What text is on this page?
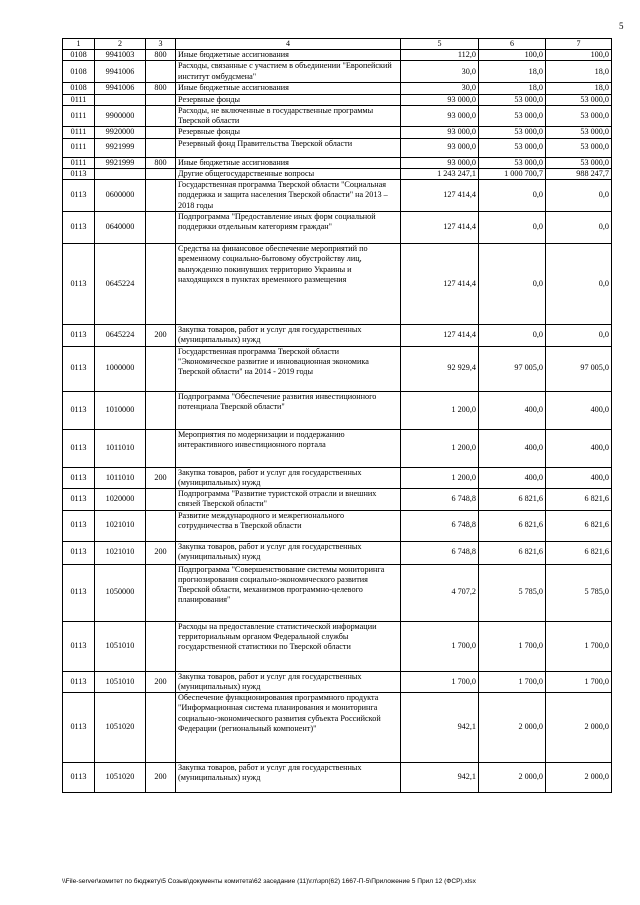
5
1	2	3	4	5	6	7
0108	9941003	800	Иные бюджетные ассигнования	112,0	100,0	100,0
0108	9941006		Расходы, связанные с участием в объединении "Европейский институт омбудсмена"	30,0	18,0	18,0
0108	9941006	800	Иные бюджетные ассигнования	30,0	18,0	18,0
0111			Резервные фонды	93 000,0	53 000,0	53 000,0
0111	9900000		Расходы, не включенные в государственные программы Тверской области	93 000,0	53 000,0	53 000,0
0111	9920000		Резервные фонды	93 000,0	53 000,0	53 000,0
0111	9921999		Резервный фонд Правительства Тверской области	93 000,0	53 000,0	53 000,0
0111	9921999	800	Иные бюджетные ассигнования	93 000,0	53 000,0	53 000,0
0113			Другие общегосударственные вопросы	1 243 247,1	1 000 700,7	988 247,7
0113	0600000		Государственная программа Тверской области "Социальная поддержка и защита населения Тверской области" на 2013 – 2018 годы	127 414,4	0,0	0,0
0113	0640000		Подпрограмма "Предоставление иных форм социальной поддержки отдельным категориям граждан"	127 414,4	0,0	0,0
0113	0645224		Средства на финансовое обеспечение мероприятий по временному социально-бытовому обустройству лиц, вынужденно покинувших территорию Украины и находящихся в пунктах временного размещения	127 414,4	0,0	0,0
0113	0645224	200	Закупка товаров, работ и услуг для государственных (муниципальных) нужд	127 414,4	0,0	0,0
0113	1000000		Государственная программа Тверской области "Экономическое развитие и инновационная экономика Тверской области" на 2014 - 2019 годы	92 929,4	97 005,0	97 005,0
0113	1010000		Подпрограмма "Обеспечение развития инвестиционного потенциала Тверской области"	1 200,0	400,0	400,0
0113	1011010		Мероприятия по модернизации и поддержанию интерактивного инвестиционного портала	1 200,0	400,0	400,0
0113	1011010	200	Закупка товаров, работ и услуг для государственных (муниципальных) нужд	1 200,0	400,0	400,0
0113	1020000		Подпрограмма "Развитие туристской отрасли и внешних связей Тверской области"	6 748,8	6 821,6	6 821,6
0113	1021010		Развитие международного и межрегионального сотрудничества в Тверской области	6 748,8	6 821,6	6 821,6
0113	1021010	200	Закупка товаров, работ и услуг для государственных (муниципальных) нужд	6 748,8	6 821,6	6 821,6
0113	1050000		Подпрограмма "Совершенствование системы мониторинга прогнозирования социально-экономического развития Тверской области, механизмов программно-целевого планирования"	4 707,2	5 785,0	5 785,0
0113	1051010		Расходы на предоставление статистической информации территориальным органом Федеральной службы государственной статистики по Тверской области	1 700,0	1 700,0	1 700,0
0113	1051010	200	Закупка товаров, работ и услуг для государственных (муниципальных) нужд	1 700,0	1 700,0	1 700,0
0113	1051020		Обеспечение функционирования программного продукта "Информационная система планирования и мониторинга социально-экономического развития субъекта Российской Федерации (региональный компонент)"	942,1	2 000,0	2 000,0
0113	1051020	200	Закупка товаров, работ и услуг для государственных (муниципальных) нужд	942,1	2 000,0	2 000,0
\\File-server\комитет по бюджету\5 Созыв\документы комитета\62 заседание (11)\гл\зрп(62) 1667-П-5\Приложение 5 Прил 12 (ФСР).xlsx
